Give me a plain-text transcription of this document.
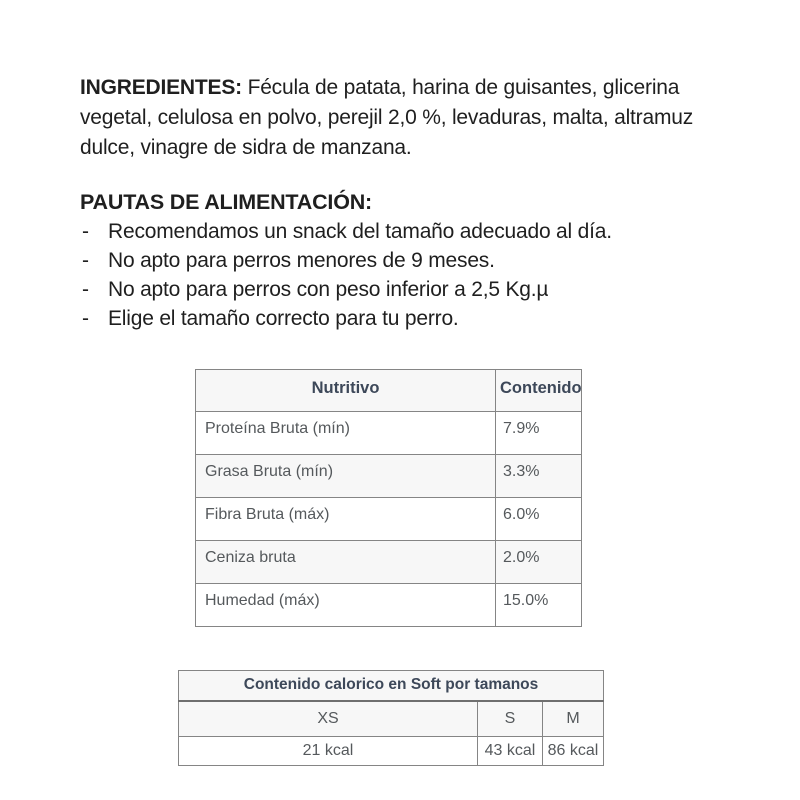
INGREDIENTES: Fécula de patata, harina de guisantes, glicerina
vegetal, celulosa en polvo, perejil 2,0 %, levaduras, malta, altramuz
dulce, vinagre de sidra de manzana.

PAUTAS DE ALIMENTACIÓN:
- Recomendamos un snack del tamaño adecuado al día.
- No apto para perros menores de 9 meses.
- No apto para perros con peso inferior a 2,5 Kg.µ
- Elige el tamaño correcto para tu perro.
Nutritivo	Contenido
Proteína Bruta (mín)	7.9%
Grasa Bruta (mín)	3.3%
Fibra Bruta (máx)	6.0%
Ceniza bruta	2.0%
Humedad (máx)	15.0%
Contenido calorico en Soft por tamanos		
XS	S	M
21 kcal	43 kcal	86 kcal
